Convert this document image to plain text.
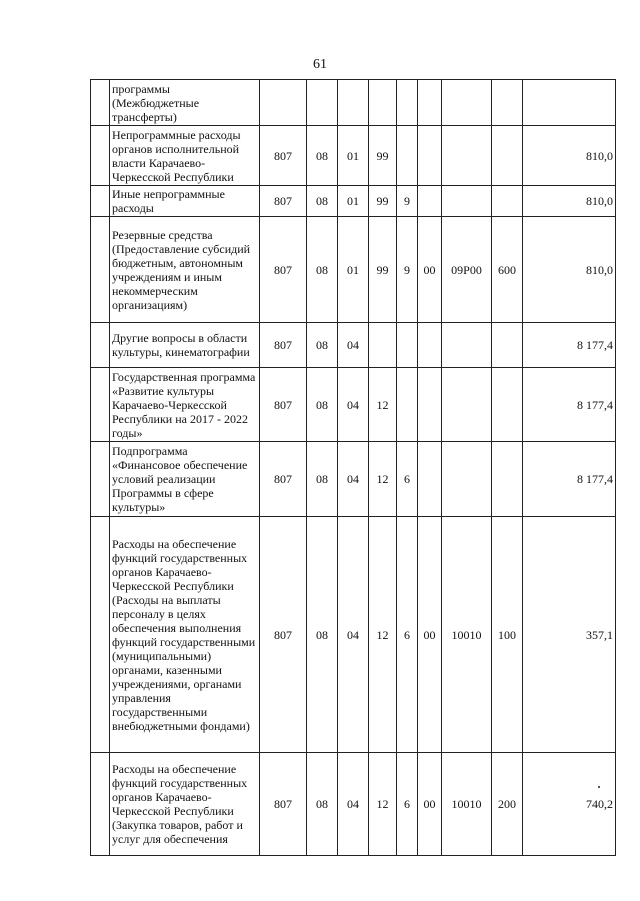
61
	программы (Межбюджетные трансферты)									
	Непрограммные расходы органов исполнительной власти Карачаево-Черкесской Республики	807	08	01	99					810,0
	Иные непрограммные расходы	807	08	01	99	9				810,0
	Резервные средства (Предоставление субсидий бюджетным, автономным учреждениям и иным некоммерческим организациям)	807	08	01	99	9	00	09Р00	600	810,0
	Другие вопросы в области культуры, кинематографии	807	08	04						8 177,4
	Государственная программа «Развитие культуры Карачаево-Черкесской Республики на 2017 - 2022 годы»	807	08	04	12					8 177,4
	Подпрограмма «Финансовое обеспечение условий реализации Программы в сфере культуры»	807	08	04	12	6				8 177,4
	Расходы на обеспечение функций государственных органов Карачаево-Черкесской Республики (Расходы на выплаты персоналу в целях обеспечения выполнения функций государственными (муниципальными) органами, казенными учреждениями, органами управления государственными внебюджетными фондами)	807	08	04	12	6	00	10010	100	357,1
	Расходы на обеспечение функций государственных органов Карачаево-Черкесской Республики (Закупка товаров, работ и услуг для обеспечения	807	08	04	12	6	00	10010	200	740,2
